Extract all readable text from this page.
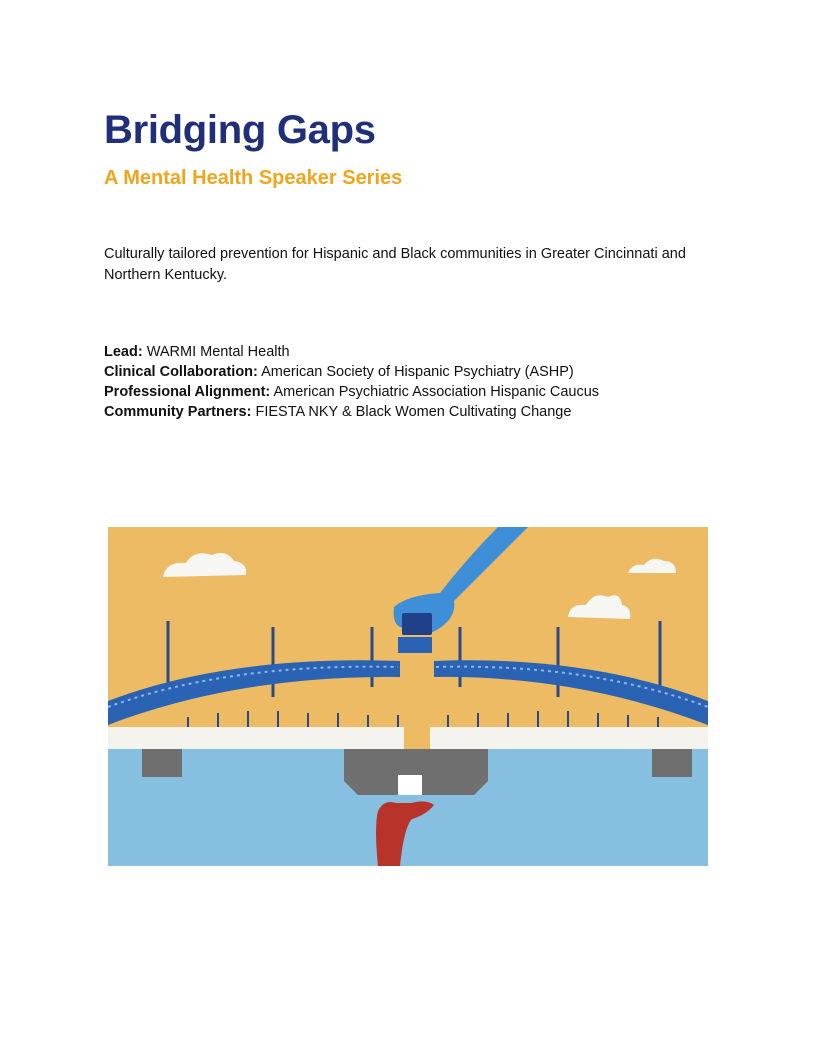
Bridging Gaps
A Mental Health Speaker Series

Culturally tailored prevention for Hispanic and Black communities in Greater Cincinnati and Northern Kentucky.

Lead: WARMI Mental Health
Clinical Collaboration: American Society of Hispanic Psychiatry (ASHP)
Professional Alignment: American Psychiatric Association Hispanic Caucus
Community Partners: FIESTA NKY & Black Women Cultivating Change
